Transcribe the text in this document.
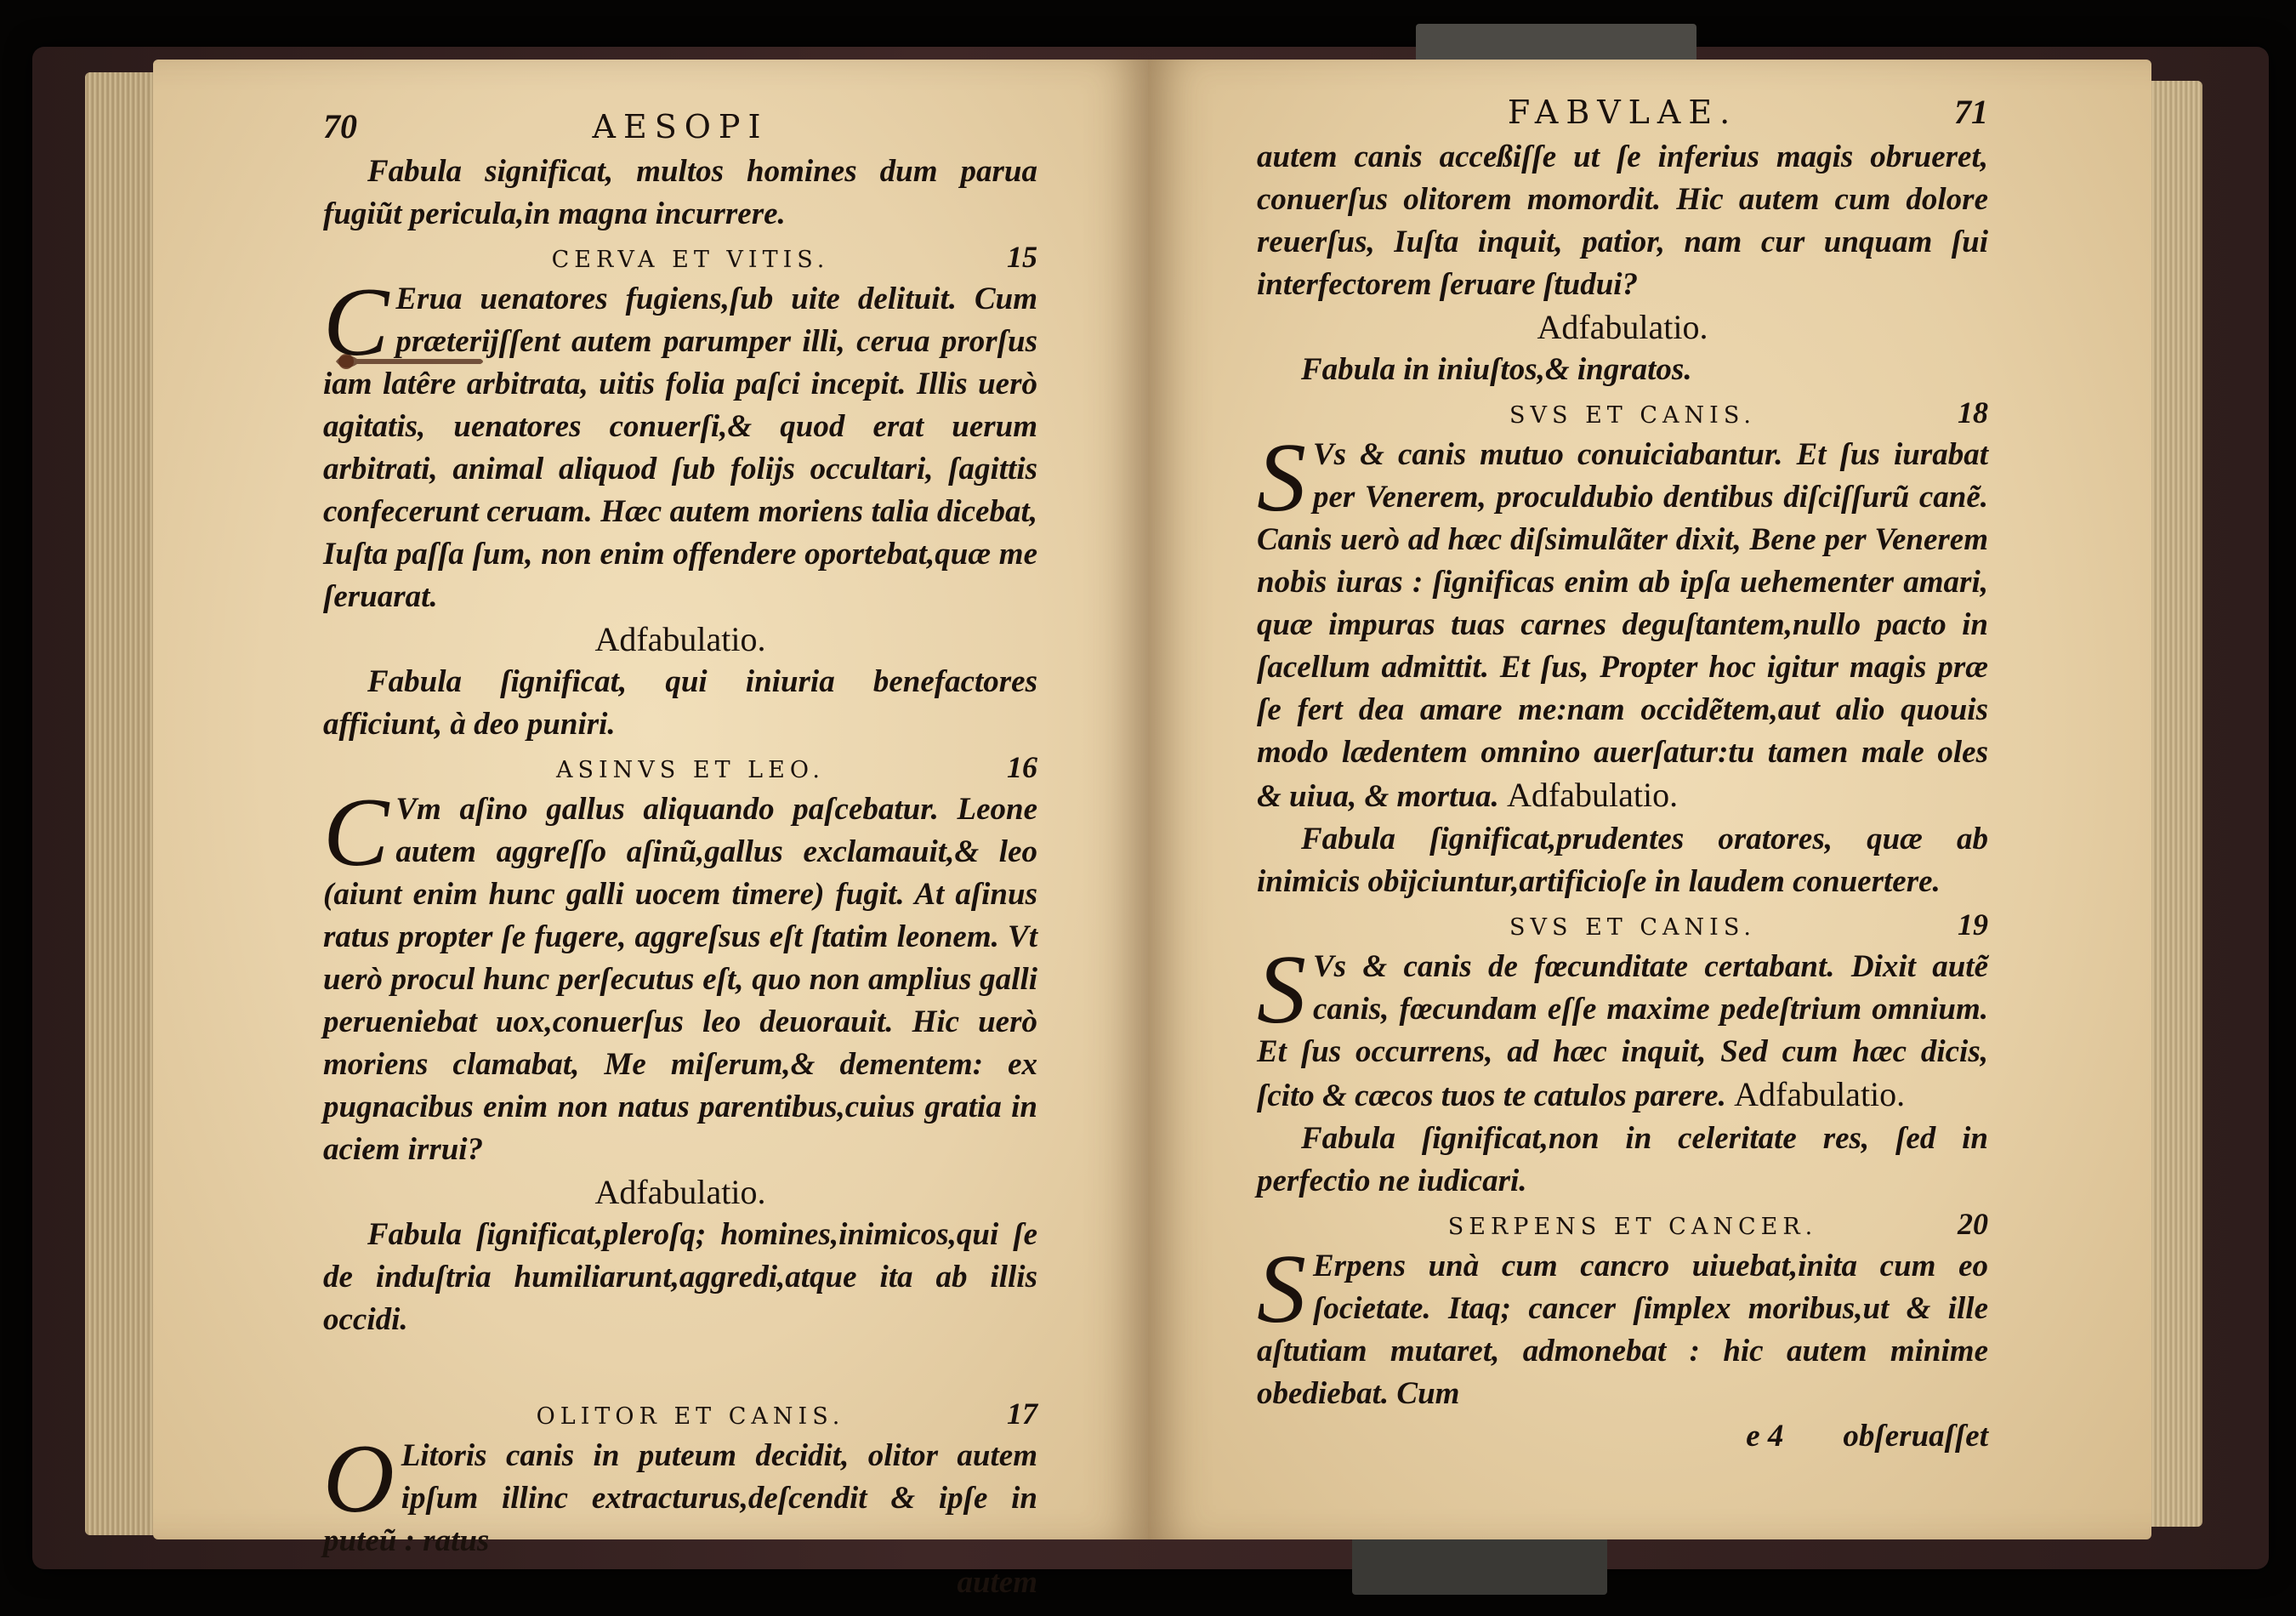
70	AESOPI
Fabula significat, multos homines dum parua fugiũt pericula,in magna incurrere.
CERVA ET VITIS.	15
C Erua uenatores fugiens,ſub uite delituit. Cum prӕterijſſent autem parumper illi, cerua prorſus iam latêre arbitrata, uitis folia paſci incepit. Illis uerò agitatis, uenatores conuerſi,& quod erat uerum arbitrati, animal aliquod ſub folijs occultari, ſagittis confecerunt ceruam. Hӕc autem moriens talia dicebat, Iuſta paſſa ſum, non enim offendere oportebat,quӕ me ſeruarat.
Adfabulatio.
Fabula ſignificat, qui iniuria benefactores afficiunt, à deo puniri.
ASINVS ET LEO.	16
C Vm aſino gallus aliquando paſcebatur. Leone autem aggreſſo aſinũ,gallus exclamauit,& leo (aiunt enim hunc galli uocem timere) fugit. At aſinus ratus propter ſe fugere, aggreſsus eſt ſtatim leonem. Vt uerò procul hunc perſecutus eſt, quo non amplius galli perueniebat uox,conuerſus leo deuorauit. Hic uerò moriens clamabat, Me miſerum,& dementem: ex pugnacibus enim non natus parentibus,cuius gratia in aciem irrui?
Adfabulatio.
Fabula ſignificat,pleroſq; homines,inimicos,qui ſe de induſtria humiliarunt,aggredi,atque ita ab illis occidi.
OLITOR ET CANIS.	17
O Litoris canis in puteum decidit, olitor autem ipſum illinc extracturus,deſcendit & ipſe in puteũ : ratus
autem
FABVLAE.	71
autem canis acceßiſſe ut ſe inferius magis obrueret, conuerſus olitorem momordit. Hic autem cum dolore reuerſus, Iuſta inquit, patior, nam cur unquam ſui interfectorem ſeruare ſtudui?
Adfabulatio.
Fabula in iniuſtos,& ingratos.
SVS ET CANIS.	18
S Vs & canis mutuo conuiciabantur. Et ſus iurabat per Venerem, proculdubio dentibus diſciſſurũ canẽ. Canis uerò ad hӕc diſsimulãter dixit, Bene per Venerem nobis iuras : ſignificas enim ab ipſa uehementer amari, quӕ impuras tuas carnes deguſtantem,nullo pacto in ſacellum admittit. Et ſus, Propter hoc igitur magis prӕ ſe fert dea amare me:nam occidẽtem,aut alio quouis modo lӕdentem omnino auerſatur:tu tamen male oles & uiua, & mortua. Adfabulatio.
Fabula ſignificat,prudentes oratores, quӕ ab inimicis obijciuntur,artificioſe in laudem conuertere.
SVS ET CANIS.	19
S Vs & canis de fœcunditate certabant. Dixit autẽ canis, fœcundam eſſe maxime pedeſtrium omnium. Et ſus occurrens, ad hӕc inquit, Sed cum hӕc dicis, ſcito & cӕcos tuos te catulos parere. Adfabulatio.
Fabula ſignificat,non in celeritate res, ſed in perfectio ne iudicari.
SERPENS ET CANCER.	20
S Erpens unà cum cancro uiuebat,inita cum eo ſocietate. Itaq; cancer ſimplex moribus,ut & ille aſtutiam mutaret, admonebat : hic autem minime obediebat. Cum
e 4 obſeruaſſet
